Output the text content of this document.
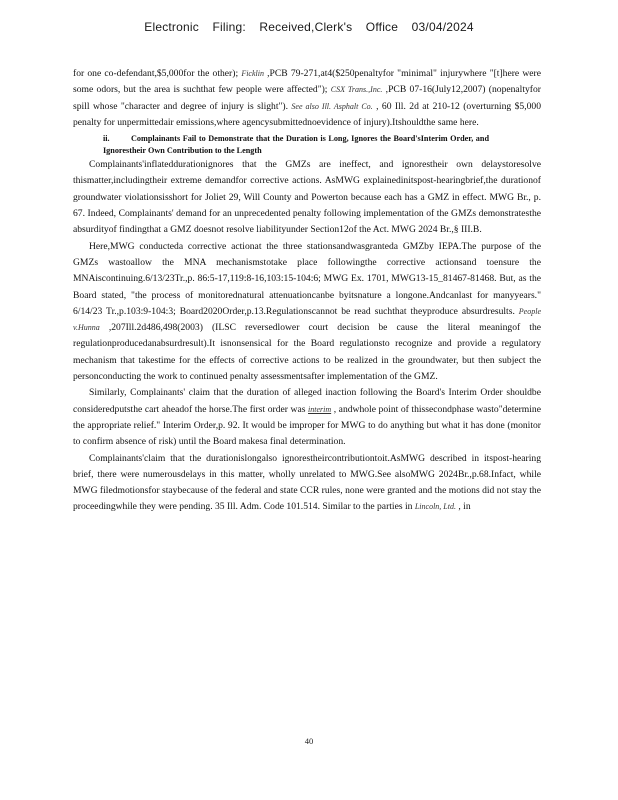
Electronic Filing: Received,Clerk's Office 03/04/2024

for one co-defendant,$5,000for the other); Ficklin ,PCB 79-271,at4($250penaltyfor "minimal" injurywhere "[t]here were some odors, but the area is suchthat few people were affected"); CSX Trans.,Inc. ,PCB 07-16(July12,2007) (nopenaltyfor spill whose "character and degree of injury is slight"). See also Ill. Asphalt Co. , 60 Ill. 2d at 210-12 (overturning $5,000 penalty for unpermittedair emissions,where agencysubmittednoevidence of injury).Itshouldthe same here.

ii.	Complainants Fail to Demonstrate that the Duration is Long, Ignores the Board'sInterim Order, and Ignorestheir Own Contribution to the Length

Complainants'inflateddurationignores that the GMZs are ineffect, and ignorestheir own delaystoresolve thismatter,includingtheir extreme demandfor corrective actions. AsMWG explainedinitspost-hearingbrief,the durationof groundwater violationsisshort for Joliet 29, Will County and Powerton because each has a GMZ in effect. MWG Br., p. 67. Indeed, Complainants' demand for an unprecedented penalty following implementation of the GMZs demonstratesthe absurdityof findingthat a GMZ doesnot resolve liabilityunder Section12of the Act. MWG 2024 Br.,§ III.B.

Here,MWG conducteda corrective actionat the three stationsandwasgranteda GMZby IEPA.The purpose of the GMZs wastoallow the MNA mechanismstotake place followingthe corrective actionsand toensure the MNAiscontinuing.6/13/23Tr.,p. 86:5-17,119:8-16,103:15-104:6; MWG Ex. 1701, MWG13-15_81467-81468. But, as the Board stated, "the process of monitorednatural attenuationcanbe byitsnature a longone.Andcanlast for manyyears." 6/14/23 Tr.,p.103:9-104:3; Board2020Order,p.13.Regulationscannot be read suchthat theyproduce absurdresults. People v.Hunna ,207Ill.2d486,498(2003) (ILSC reversedlower court decision be cause the literal meaningof the regulationproducedanabsurdresult).It isnonsensical for the Board regulationsto recognize and provide a regulatory mechanism that takestime for the effects of corrective actions to be realized in the groundwater, but then subject the personconducting the work to continued penalty assessmentsafter implementation of the GMZ.

Similarly, Complainants' claim that the duration of alleged inaction following the Board's Interim Order shouldbe consideredputsthe cart aheadof the horse.The first order was interim , andwhole point of thissecondphase wasto"determine the appropriate relief." Interim Order,p. 92. It would be improper for MWG to do anything but what it has done (monitor to confirm absence of risk) until the Board makesa final determination.

Complainants'claim that the durationislongalso ignorestheircontributiontoit.AsMWG described in itspost-hearing brief, there were numerousdelays in this matter, wholly unrelated to MWG.See alsoMWG 2024Br.,p.68.Infact, while MWG filedmotionsfor staybecause of the federal and state CCR rules, none were granted and the motions did not stay the proceedingwhile they were pending. 35 Ill. Adm. Code 101.514. Similar to the parties in Lincoln, Ltd. , in

40
